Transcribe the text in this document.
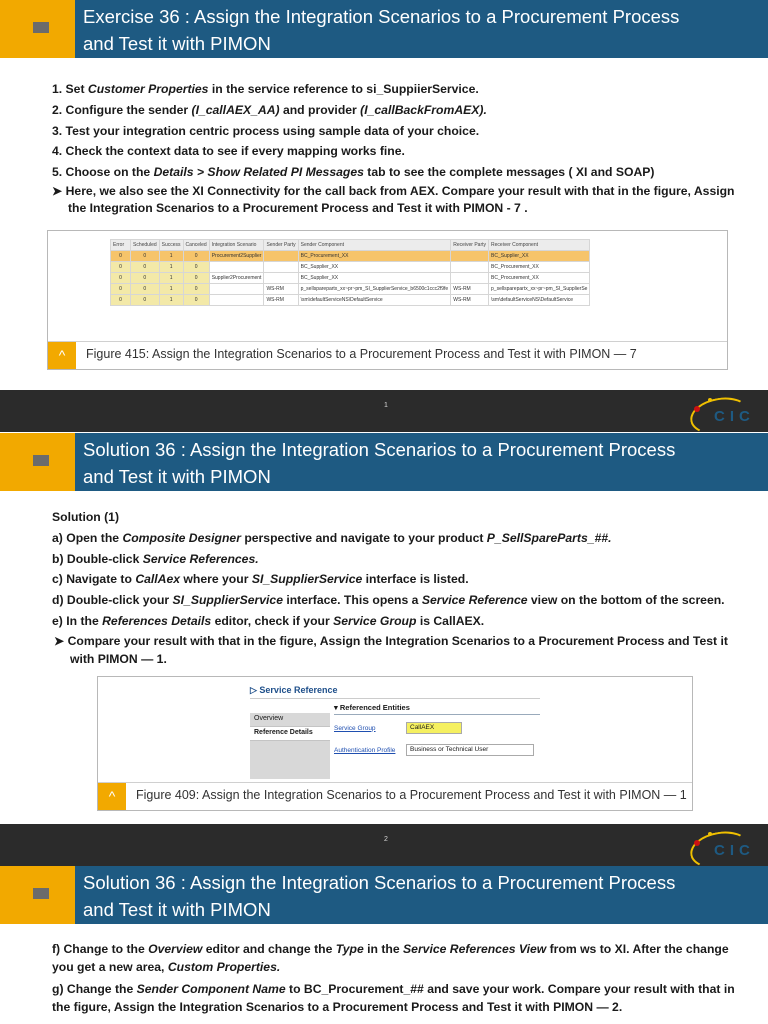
Exercise 36 : Assign the Integration Scenarios to a Procurement Process
and Test it with PIMON
1. Set Customer Properties in the service reference to si_SuppiierService.
2. Configure the sender (I_callAEX_AA) and provider (I_callBackFromAEX).
3. Test your integration centric process using sample data of your choice.
4. Check the context data to see if every mapping works fine.
5. Choose on the Details > Show Related PI Messages tab to see the complete messages ( XI and SOAP)
➤ Here, we also see the XI Connectivity for the call back from AEX. Compare your result with that in the figure, Assign the Integration Scenarios to a Procurement Process and Test it with PIMON - 7 .
Error	Scheduled	Success	Canceled	Integration Scenario	Sender Party	Sender Component	Receiver Party	Receiver Component
0	0	1	0	Procurement2Supplier		BC_Procurement_XX		BC_Supplier_XX
0	0	1	0			BC_Supplier_XX		BC_Procurement_XX
0	0	1	0	Supplier2Procurement		BC_Supplier_XX		BC_Procurement_XX
0	0	1	0		WS-RM	p_sellsparepartx_xx~pr~pm_SI_SupplierService_b6500c1ccc2f9fe	WS-RM	p_sellsparepartx_xx~pr~pm_SI_SupplierSe
0	0	1	0		WS-RM	\sm\defaultServiceNS\DefaultService	WS-RM	\sm\defaultServiceNS\DefaultService
^	Figure 415: Assign the Integration Scenarios to a Procurement Process and Test it with PIMON — 7
1
CIC
Solution 36 : Assign the Integration Scenarios to a Procurement Process
and Test it with PIMON
Solution (1)
a) Open the Composite Designer perspective and navigate to your product P_SellSpareParts_##.
b) Double-click Service References.
c) Navigate to CallAex where your SI_SupplierService interface is listed.
d) Double-click your SI_SupplierService interface. This opens a Service Reference view on the bottom of the screen.
e) In the References Details editor, check if your Service Group is CallAEX.
➤ Compare your result with that in the figure, Assign the Integration Scenarios to a Procurement Process and Test it with PIMON — 1.
▷ Service Reference
Overview
Reference Details
▾ Referenced Entities
Service Group	CallAEX
Authentication Profile	Business or Technical User
^	Figure 409: Assign the Integration Scenarios to a Procurement Process and Test it with PIMON — 1
2
CIC
Solution 36 : Assign the Integration Scenarios to a Procurement Process
and Test it with PIMON
f) Change to the Overview editor and change the Type in the Service References View from ws to XI. After the change you get a new area, Custom Properties.
g) Change the Sender Component Name to BC_Procurement_## and save your work. Compare your result with that in the figure, Assign the Integration Scenarios to a Procurement Process and Test it with PIMON — 2.
